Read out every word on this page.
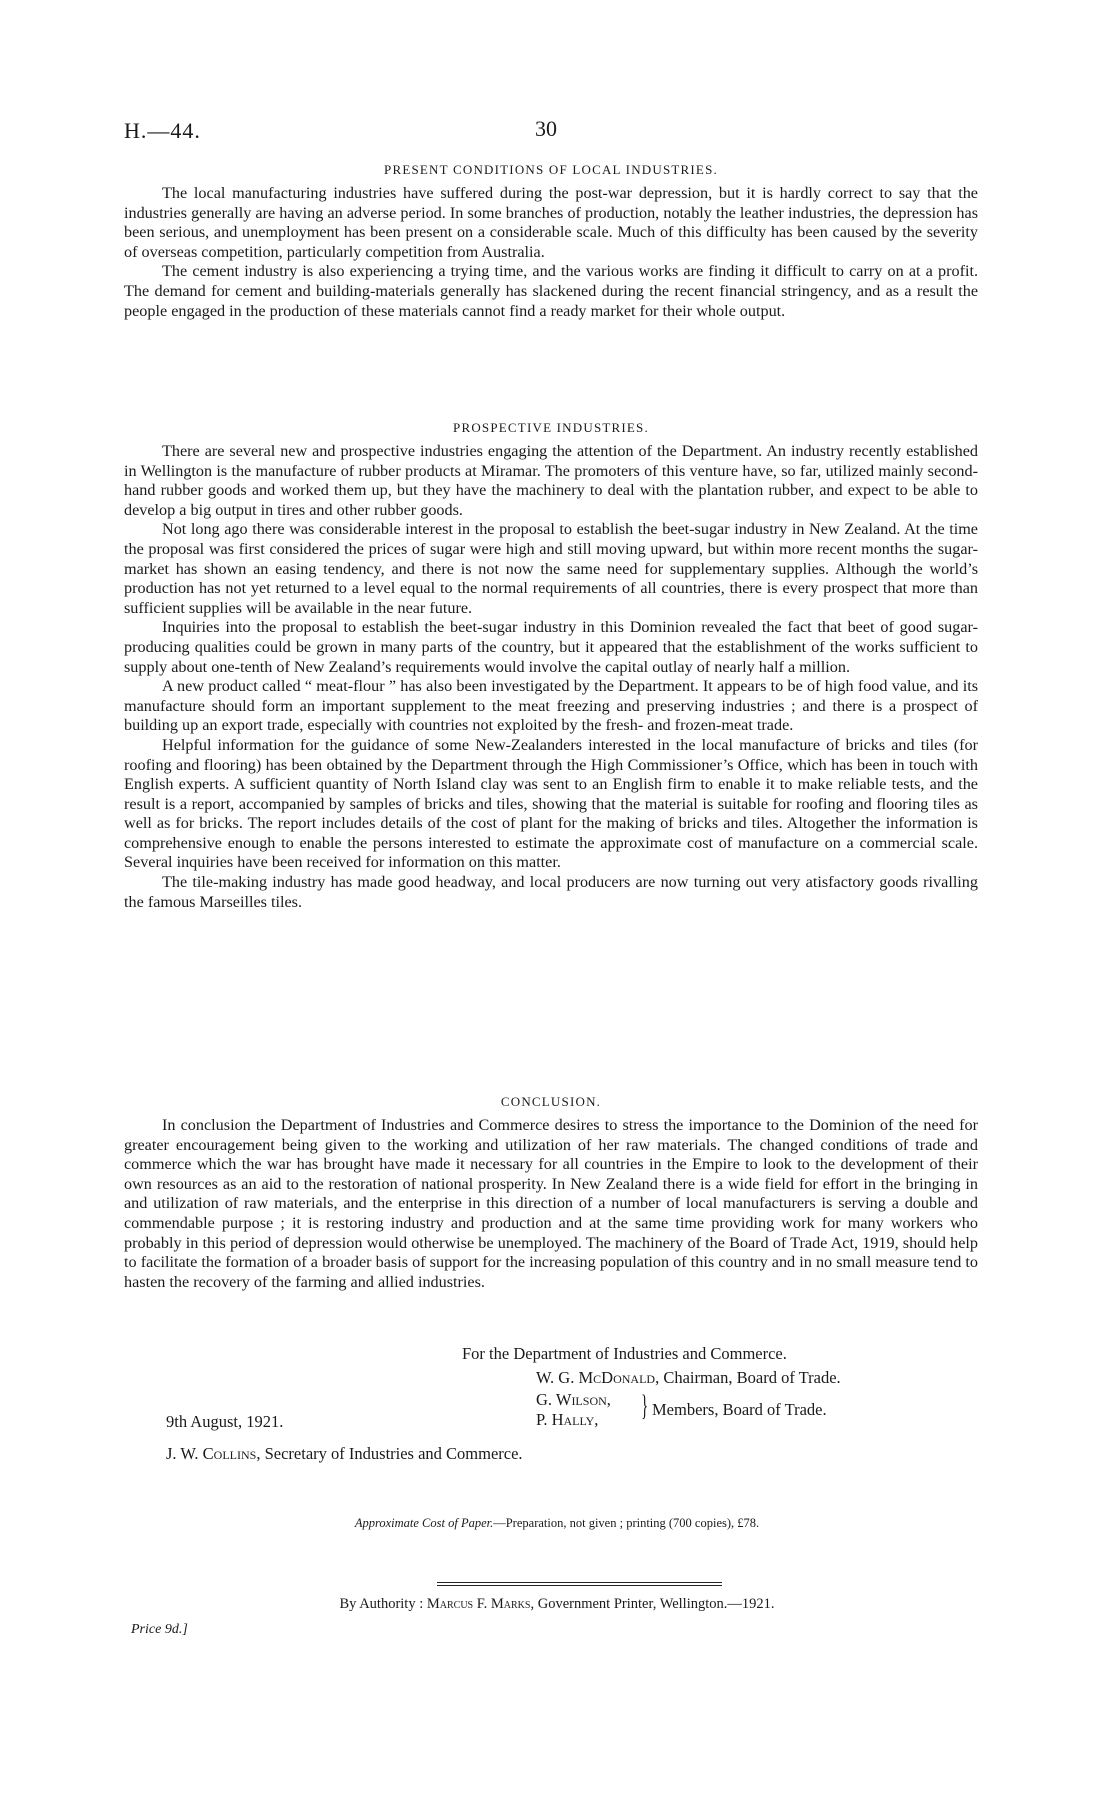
H.—44.	30
PRESENT CONDITIONS OF LOCAL INDUSTRIES.

The local manufacturing industries have suffered during the post-war depression, but it is hardly correct to say that the industries generally are having an adverse period. In some branches of production, notably the leather industries, the depression has been serious, and unemployment has been present on a considerable scale. Much of this difficulty has been caused by the severity of overseas competition, particularly competition from Australia.

The cement industry is also experiencing a trying time, and the various works are finding it difficult to carry on at a profit. The demand for cement and building-materials generally has slackened during the recent financial stringency, and as a result the people engaged in the production of these materials cannot find a ready market for their whole output.

PROSPECTIVE INDUSTRIES.

There are several new and prospective industries engaging the attention of the Department. An industry recently established in Wellington is the manufacture of rubber products at Miramar. The promoters of this venture have, so far, utilized mainly second-hand rubber goods and worked them up, but they have the machinery to deal with the plantation rubber, and expect to be able to develop a big output in tires and other rubber goods.

Not long ago there was considerable interest in the proposal to establish the beet-sugar industry in New Zealand. At the time the proposal was first considered the prices of sugar were high and still moving upward, but within more recent months the sugar-market has shown an easing tendency, and there is not now the same need for supplementary supplies. Although the world’s production has not yet returned to a level equal to the normal requirements of all countries, there is every prospect that more than sufficient supplies will be available in the near future.

Inquiries into the proposal to establish the beet-sugar industry in this Dominion revealed the fact that beet of good sugar-producing qualities could be grown in many parts of the country, but it appeared that the establishment of the works sufficient to supply about one-tenth of New Zealand’s requirements would involve the capital outlay of nearly half a million.

A new product called “ meat-flour ” has also been investigated by the Department. It appears to be of high food value, and its manufacture should form an important supplement to the meat freezing and preserving industries ; and there is a prospect of building up an export trade, especially with countries not exploited by the fresh- and frozen-meat trade.

Helpful information for the guidance of some New-Zealanders interested in the local manufacture of bricks and tiles (for roofing and flooring) has been obtained by the Department through the High Commissioner’s Office, which has been in touch with English experts. A sufficient quantity of North Island clay was sent to an English firm to enable it to make reliable tests, and the result is a report, accompanied by samples of bricks and tiles, showing that the material is suitable for roofing and flooring tiles as well as for bricks. The report includes details of the cost of plant for the making of bricks and tiles. Altogether the information is comprehensive enough to enable the persons interested to estimate the approximate cost of manufacture on a commercial scale. Several inquiries have been received for information on this matter.

The tile-making industry has made good headway, and local producers are now turning out very atisfactory goods rivalling the famous Marseilles tiles.

CONCLUSION.

In conclusion the Department of Industries and Commerce desires to stress the importance to the Dominion of the need for greater encouragement being given to the working and utilization of her raw materials. The changed conditions of trade and commerce which the war has brought have made it necessary for all countries in the Empire to look to the development of their own resources as an aid to the restoration of national prosperity. In New Zealand there is a wide field for effort in the bringing in and utilization of raw materials, and the enterprise in this direction of a number of local manufacturers is serving a double and commendable purpose ; it is restoring industry and production and at the same time providing work for many workers who probably in this period of depression would otherwise be unemployed. The machinery of the Board of Trade Act, 1919, should help to facilitate the formation of a broader basis of support for the increasing population of this country and in no small measure tend to hasten the recovery of the farming and allied industries.

For the Department of Industries and Commerce.
W. G. McDonald, Chairman, Board of Trade.
G. Wilson,
P. Hally, } Members, Board of Trade.
9th August, 1921.
J. W. Collins, Secretary of Industries and Commerce.
Approximate Cost of Paper.—Preparation, not given ; printing (700 copies), £78.
By Authority : Marcus F. Marks, Government Printer, Wellington.—1921.
Price 9d.]
